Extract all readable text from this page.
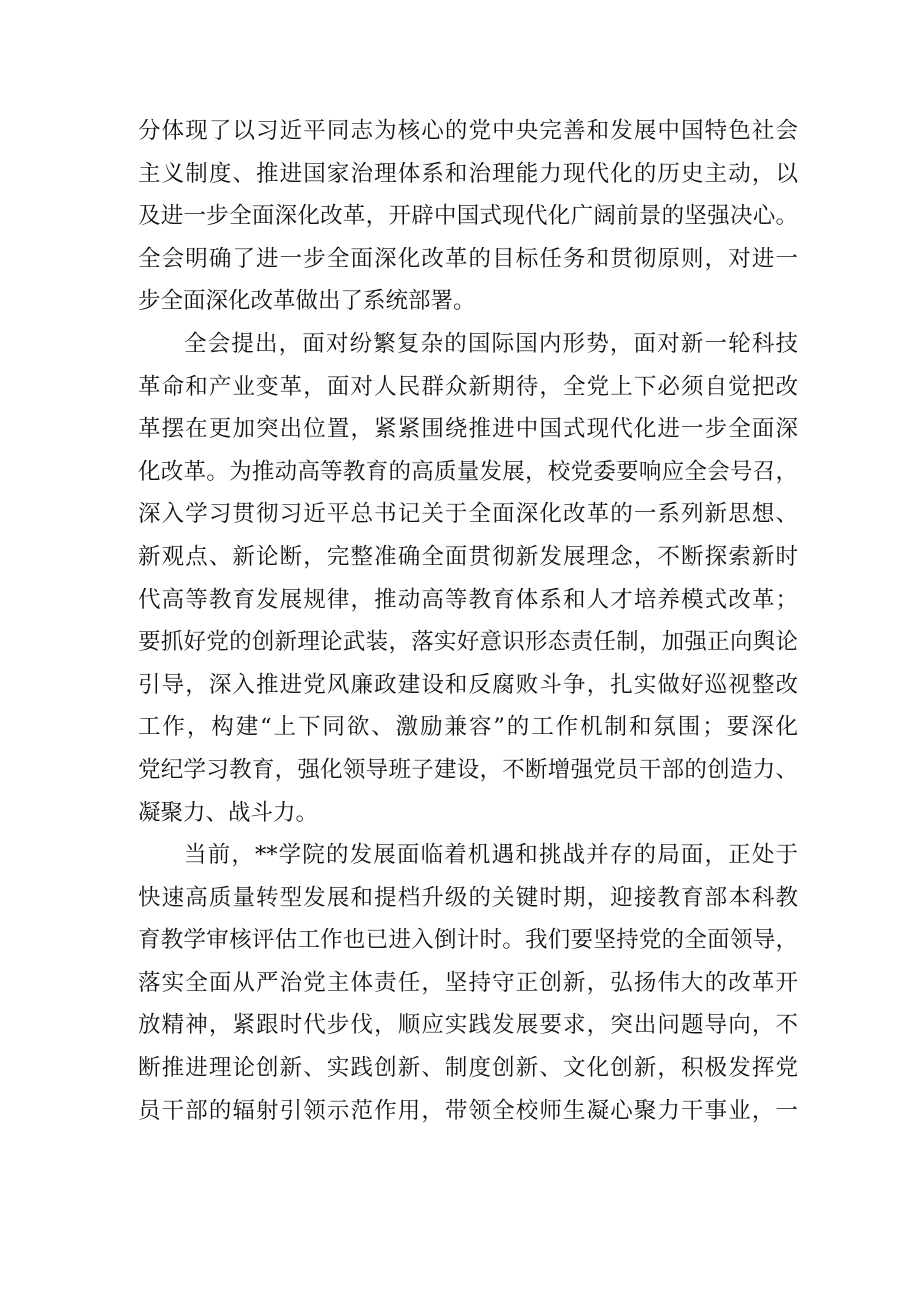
分体现了以习近平同志为核心的党中央完善和发展中国特色社会
主义制度、推进国家治理体系和治理能力现代化的历史主动，以
及进一步全面深化改革，开辟中国式现代化广阔前景的坚强决心。
全会明确了进一步全面深化改革的目标任务和贯彻原则，对进一
步全面深化改革做出了系统部署。
全会提出，面对纷繁复杂的国际国内形势，面对新一轮科技
革命和产业变革，面对人民群众新期待，全党上下必须自觉把改
革摆在更加突出位置，紧紧围绕推进中国式现代化进一步全面深
化改革。为推动高等教育的高质量发展，校党委要响应全会号召，
深入学习贯彻习近平总书记关于全面深化改革的一系列新思想、
新观点、新论断，完整准确全面贯彻新发展理念，不断探索新时
代高等教育发展规律，推动高等教育体系和人才培养模式改革；
要抓好党的创新理论武装，落实好意识形态责任制，加强正向舆论
引导，深入推进党风廉政建设和反腐败斗争，扎实做好巡视整改
工作，构建“上下同欲、激励兼容”的工作机制和氛围；要深化
党纪学习教育，强化领导班子建设，不断增强党员干部的创造力、
凝聚力、战斗力。
当前，**学院的发展面临着机遇和挑战并存的局面，正处于
快速高质量转型发展和提档升级的关键时期，迎接教育部本科教
育教学审核评估工作也已进入倒计时。我们要坚持党的全面领导，
落实全面从严治党主体责任，坚持守正创新，弘扬伟大的改革开
放精神，紧跟时代步伐，顺应实践发展要求，突出问题导向，不
断推进理论创新、实践创新、制度创新、文化创新，积极发挥党
员干部的辐射引领示范作用，带领全校师生凝心聚力干事业，一
